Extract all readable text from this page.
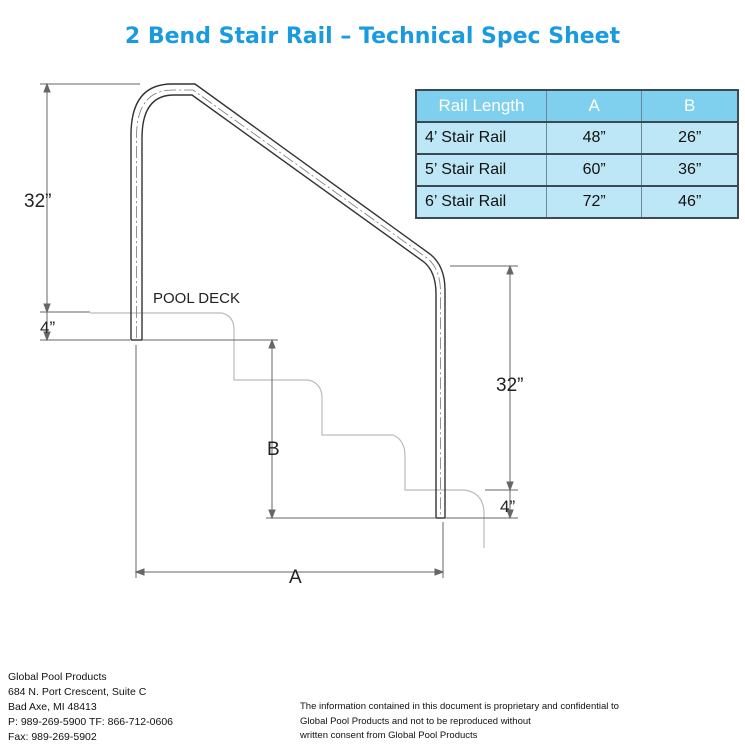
2 Bend Stair Rail – Technical Spec Sheet
32”
4”
POOL DECK
B
32”
4”
A
Rail Length	A	B
4’ Stair Rail	48”	26”
5’ Stair Rail	60”	36”
6’ Stair Rail	72”	46”
Global Pool Products
684 N. Port Crescent, Suite C
Bad Axe, MI 48413
P: 989-269-5900 TF: 866-712-0606
Fax: 989-269-5902
The information contained in this document is proprietary and confidential to
Global Pool Products and not to be reproduced without
written consent from Global Pool Products
